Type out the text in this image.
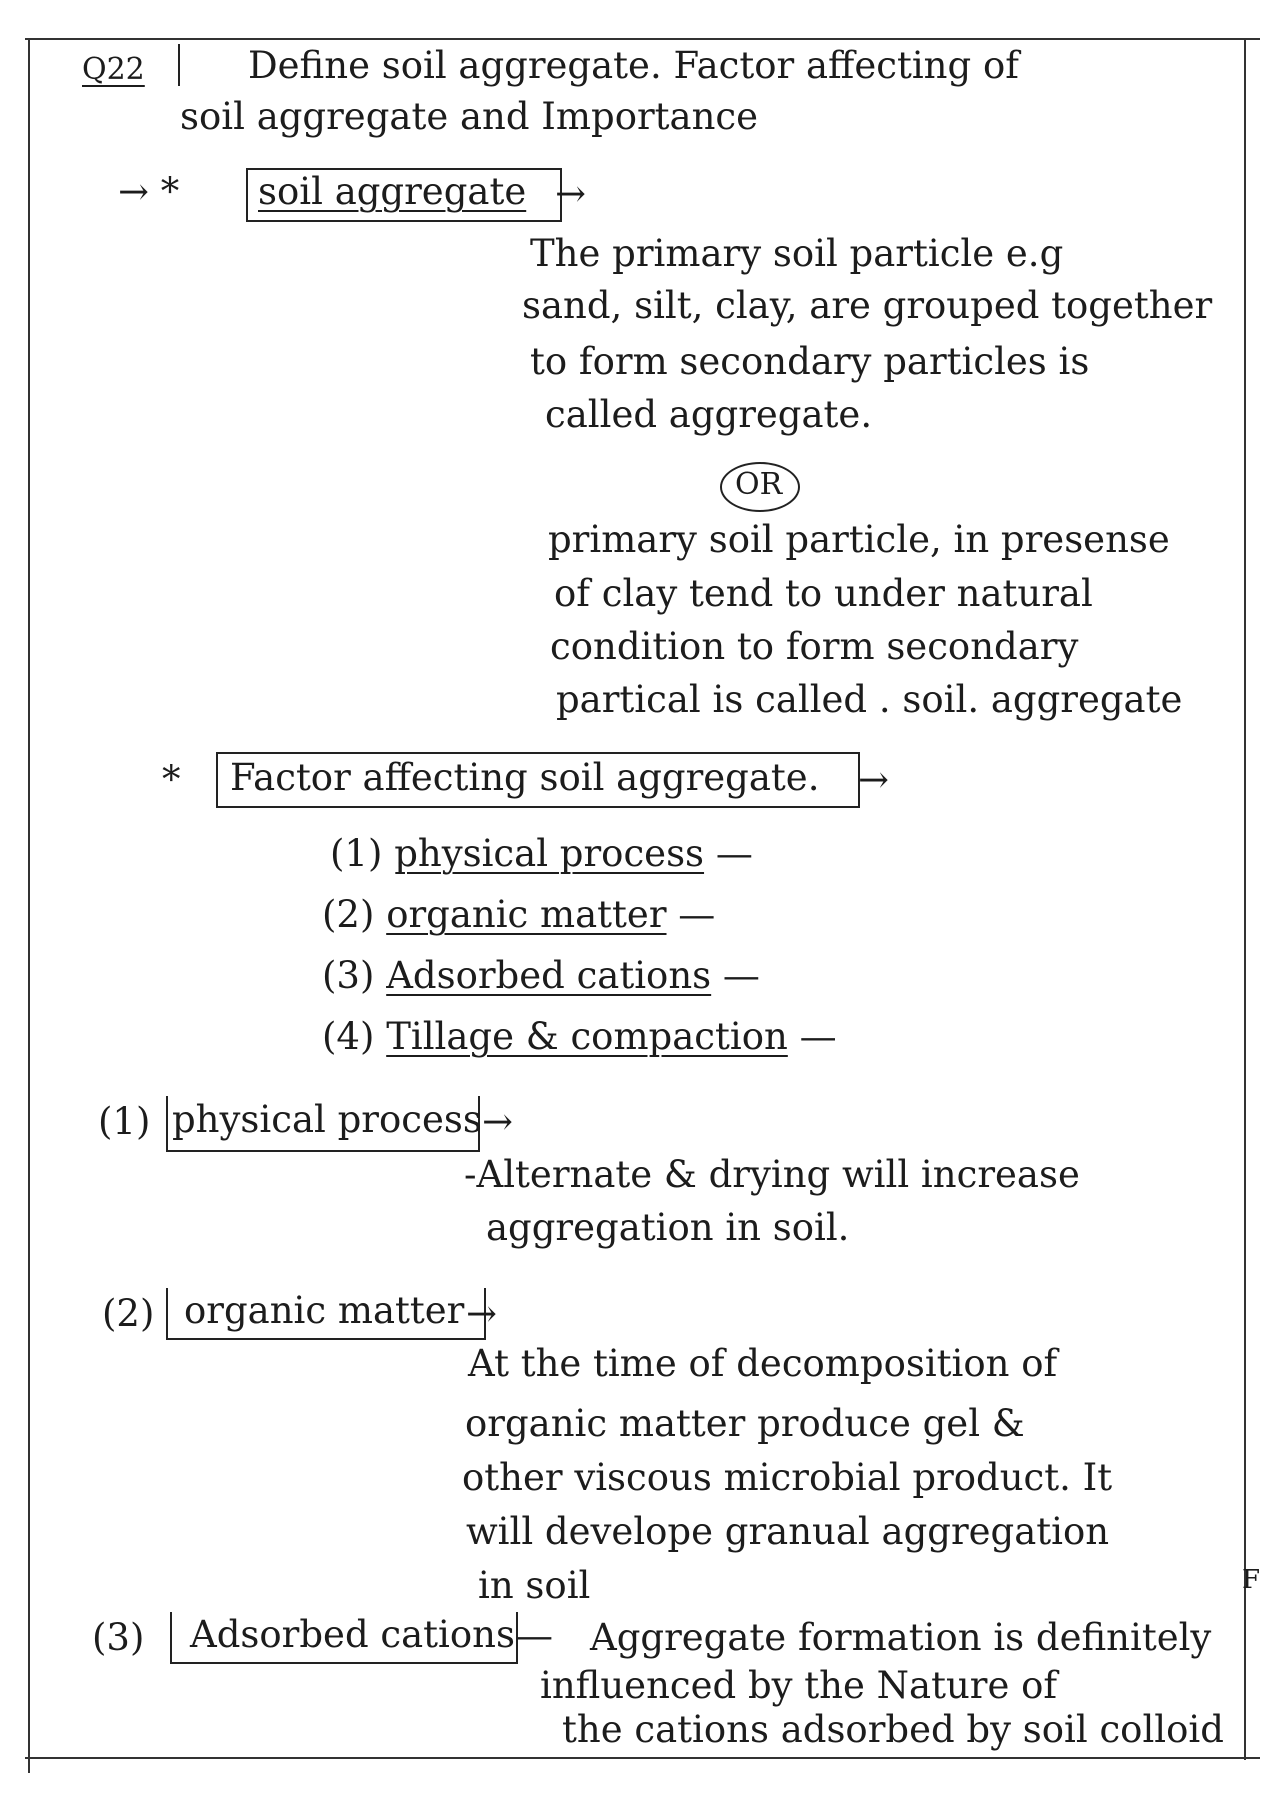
Q22	Define soil aggregate. Factor affecting of
soil aggregate and Importance
→ * soil aggregate →
The primary soil particle e.g
sand, silt, clay, are grouped together
to form secondary particles is
called aggregate.
OR
primary soil particle, in presense
of clay tend to under natural
condition to form secondary
partical is called . soil. aggregate
* Factor affecting soil aggregate. →
(1) physical process —
(2) organic matter —
(3) Adsorbed cations —
(4) Tillage & compaction —
(1) physical process →
-Alternate & drying will increase
aggregation in soil.
(2) organic matter →
At the time of decomposition of
organic matter produce gel &
other viscous microbial product. It
will develope granual aggregation
in soil	F
(3) Adsorbed cations — Aggregate formation is definitely
influenced by the Nature of
the cations adsorbed by soil colloid
